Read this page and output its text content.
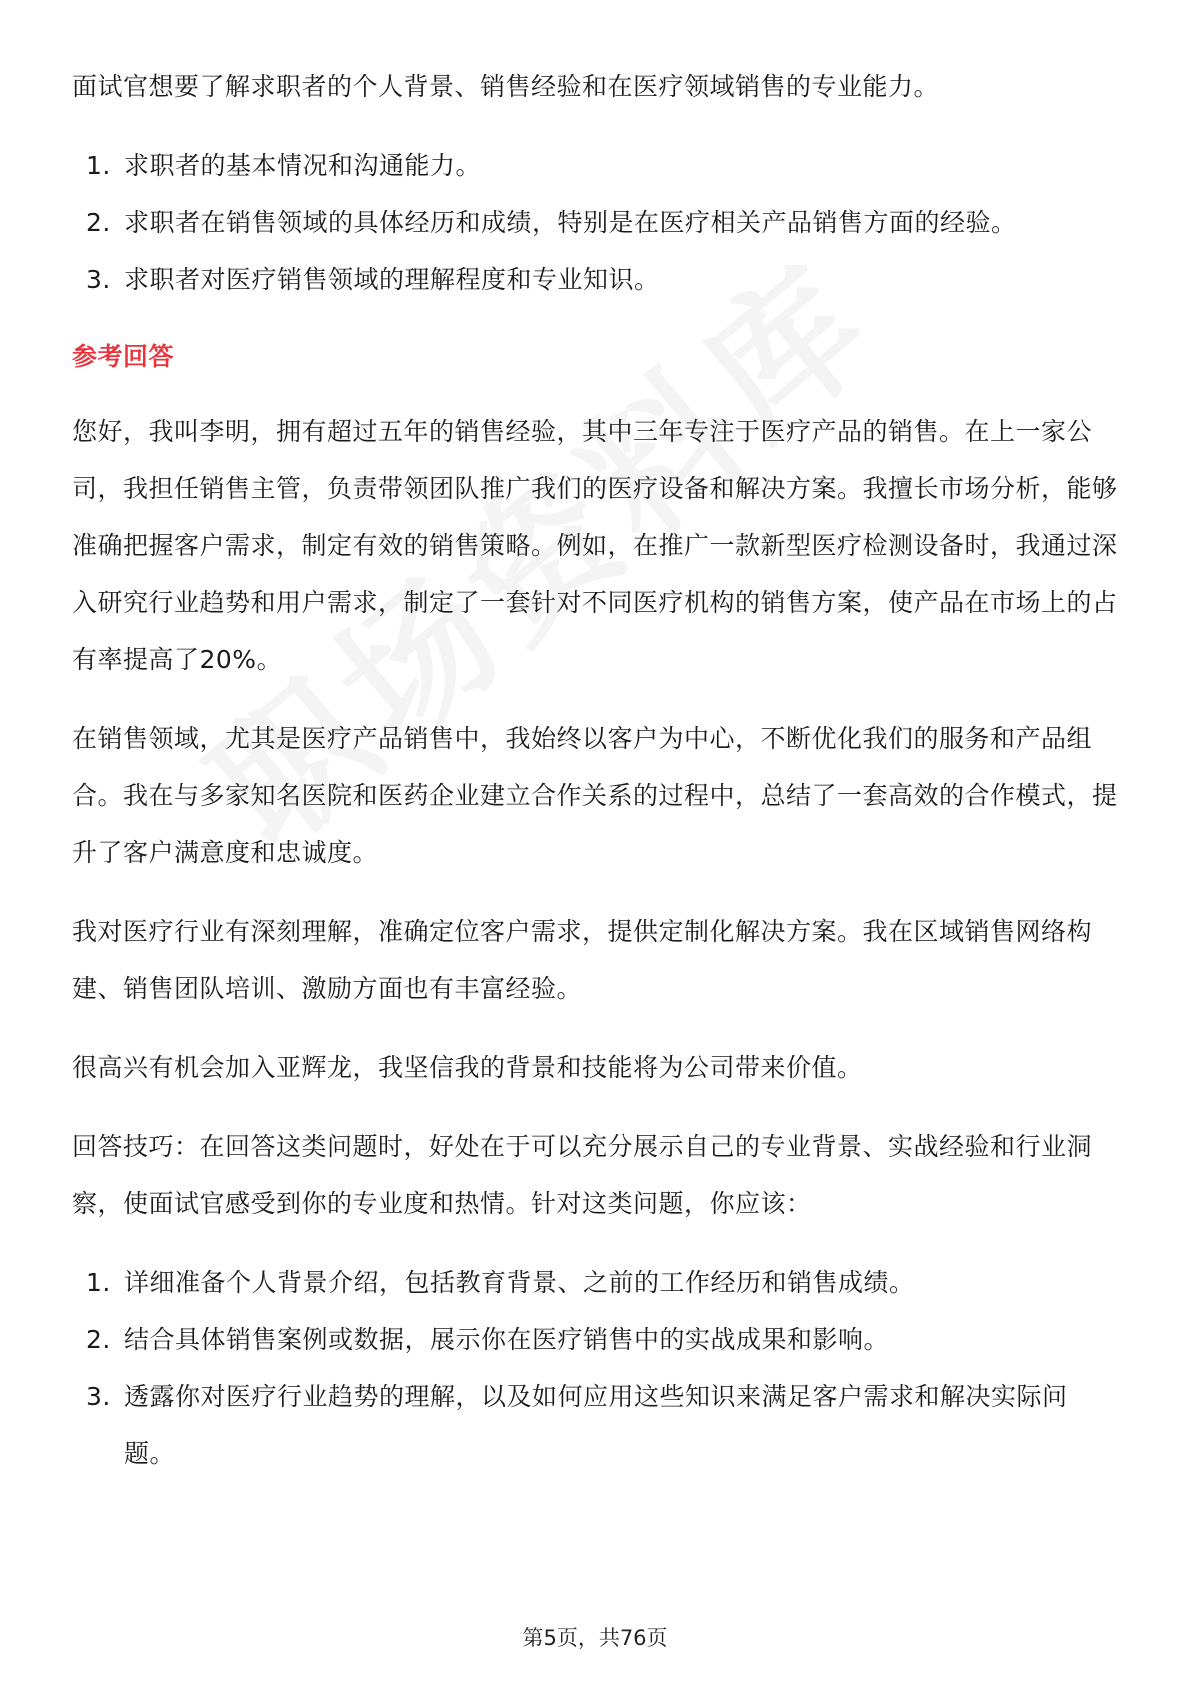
面试官想要了解求职者的个人背景、销售经验和在医疗领域销售的专业能力。

1. 求职者的基本情况和沟通能力。
2. 求职者在销售领域的具体经历和成绩，特别是在医疗相关产品销售方面的经验。
3. 求职者对医疗销售领域的理解程度和专业知识。
参考回答

您好，我叫李明，拥有超过五年的销售经验，其中三年专注于医疗产品的销售。在上一家公司，我担任销售主管，负责带领团队推广我们的医疗设备和解决方案。我擅长市场分析，能够准确把握客户需求，制定有效的销售策略。例如，在推广一款新型医疗检测设备时，我通过深入研究行业趋势和用户需求，制定了一套针对不同医疗机构的销售方案，使产品在市场上的占有率提高了20%。

在销售领域，尤其是医疗产品销售中，我始终以客户为中心，不断优化我们的服务和产品组合。我在与多家知名医院和医药企业建立合作关系的过程中，总结了一套高效的合作模式，提升了客户满意度和忠诚度。

我对医疗行业有深刻理解，准确定位客户需求，提供定制化解决方案。我在区域销售网络构建、销售团队培训、激励方面也有丰富经验。

很高兴有机会加入亚辉龙，我坚信我的背景和技能将为公司带来价值。

回答技巧：在回答这类问题时，好处在于可以充分展示自己的专业背景、实战经验和行业洞察，使面试官感受到你的专业度和热情。针对这类问题，你应该：

1. 详细准备个人背景介绍，包括教育背景、之前的工作经历和销售成绩。
2. 结合具体销售案例或数据，展示你在医疗销售中的实战成果和影响。
3. 透露你对医疗行业趋势的理解，以及如何应用这些知识来满足客户需求和解决实际问题。
第5页，共76页
